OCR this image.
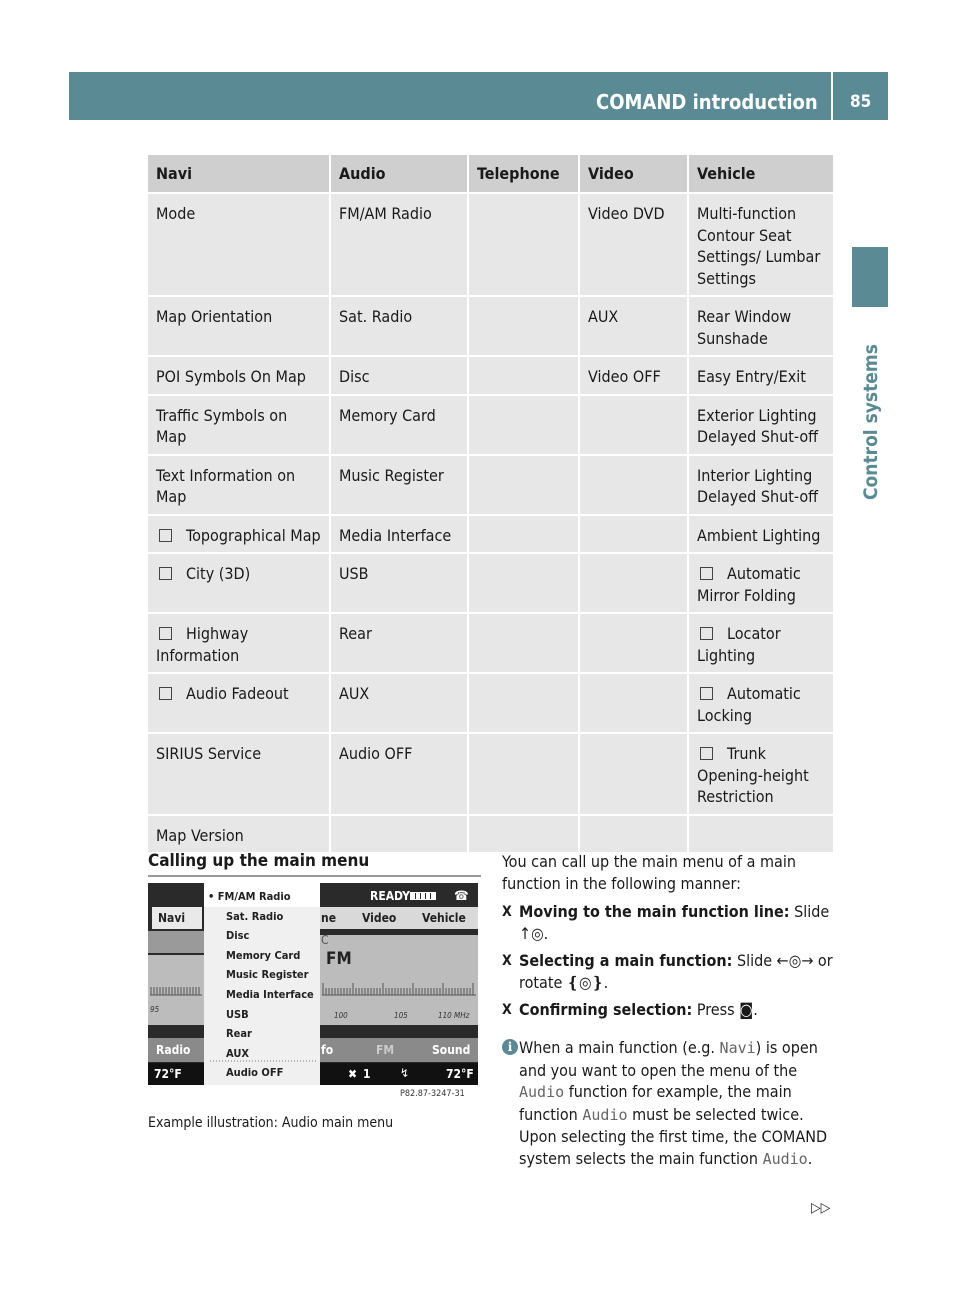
COMAND introduction 85
Control systems
Navi	Audio	Telephone	Video	Vehicle
Mode	FM/AM Radio		Video DVD	Multi-function Contour Seat Settings/ Lumbar Settings
Map Orientation	Sat. Radio		AUX	Rear Window Sunshade
POI Symbols On Map	Disc		Video OFF	Easy Entry/Exit
Traffic Symbols on Map	Memory Card			Exterior Lighting Delayed Shut-off
Text Information on Map	Music Register			Interior Lighting Delayed Shut-off
Topographical Map	Media Interface			Ambient Lighting
City (3D)	USB			Automatic Mirror Folding
Highway Information	Rear			Locator Lighting
Audio Fadeout	AUX			Automatic Locking
SIRIUS Service	Audio OFF			Trunk Opening-height Restriction
Map Version				
Calling up the main menu
• FM/AM Radio
Sat. Radio
Disc
Memory Card
Music Register
Media Interface
USB
Rear
AUX
Audio OFF
READY	☎
Navi
Radio
ne Video Vehicle
C
FM
95
100	105	110 MHz
fo	FM	Sound
72°F	✖ 1 ↯	72°F
P82.87-3247-31
Example illustration: Audio main menu
You can call up the main menu of a main function in the following manner:
X Moving to the main function line: Slide ↑◎.
X Selecting a main function: Slide ←◎→ or rotate ❴◎❵.
X Confirming selection: Press ◙.
i When a main function (e.g. Navi) is open and you want to open the menu of the Audio function for example, the main function Audio must be selected twice. Upon selecting the first time, the COMAND system selects the main function Audio.
▷▷
